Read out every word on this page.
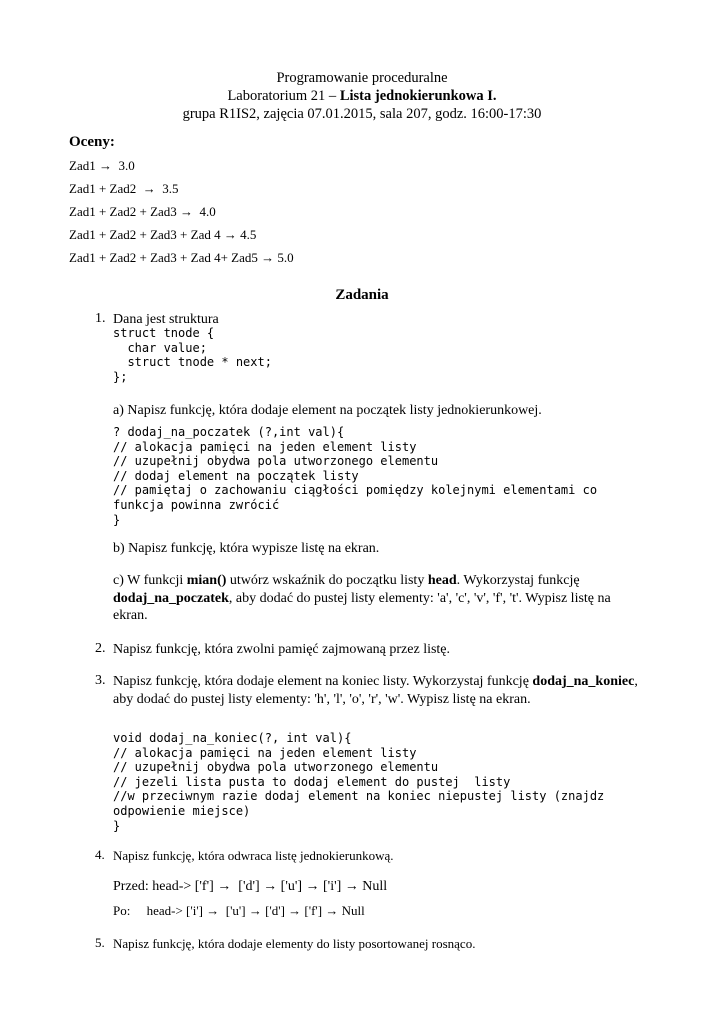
Programowanie proceduralne
Laboratorium 21 – Lista jednokierunkowa I.
grupa R1IS2, zajęcia 07.01.2015, sala 207, godz. 16:00-17:30
Oceny:
Zad1 →  3.0
Zad1 + Zad2  →  3.5
Zad1 + Zad2 + Zad3 →  4.0
Zad1 + Zad2 + Zad3 + Zad 4 → 4.5
Zad1 + Zad2 + Zad3 + Zad 4+ Zad5 → 5.0
Zadania
1. Dana jest struktura
struct tnode {
char value;
struct tnode * next;
};
a) Napisz funkcję, która dodaje element na początek listy jednokierunkowej.
? dodaj_na_poczatek (?,int val){
// alokacja pamięci na jeden element listy
// uzupełnij obydwa pola utworzonego elementu
// dodaj element na początek listy
// pamiętaj o zachowaniu ciągłości pomiędzy kolejnymi elementami co
funkcja powinna zwrócić
}
b) Napisz funkcję, która wypisze listę na ekran.
c) W funkcji mian() utwórz wskaźnik do początku listy head. Wykorzystaj funkcję dodaj_na_poczatek, aby dodać do pustej listy elementy: 'a', 'c', 'v', 'f', 't'. Wypisz listę na ekran.
2. Napisz funkcję, która zwolni pamięć zajmowaną przez listę.
3. Napisz funkcję, która dodaje element na koniec listy. Wykorzystaj funkcję dodaj_na_koniec, aby dodać do pustej listy elementy: 'h', 'l', 'o', 'r', 'w'. Wypisz listę na ekran.
void dodaj_na_koniec(?, int val){
// alokacja pamięci na jeden element listy
// uzupełnij obydwa pola utworzonego elementu
// jezeli lista pusta to dodaj element do pustej  listy
//w przeciwnym razie dodaj element na koniec niepustej listy (znajdz
odpowienie miejsce)
}
4. Napisz funkcję, która odwraca listę jednokierunkową.
Przed: head-> ['f'] →  ['d'] → ['u'] → ['i'] → Null
Po:     head-> ['i'] →  ['u'] → ['d'] → ['f'] → Null
5. Napisz funkcję, która dodaje elementy do listy posortowanej rosnąco.
